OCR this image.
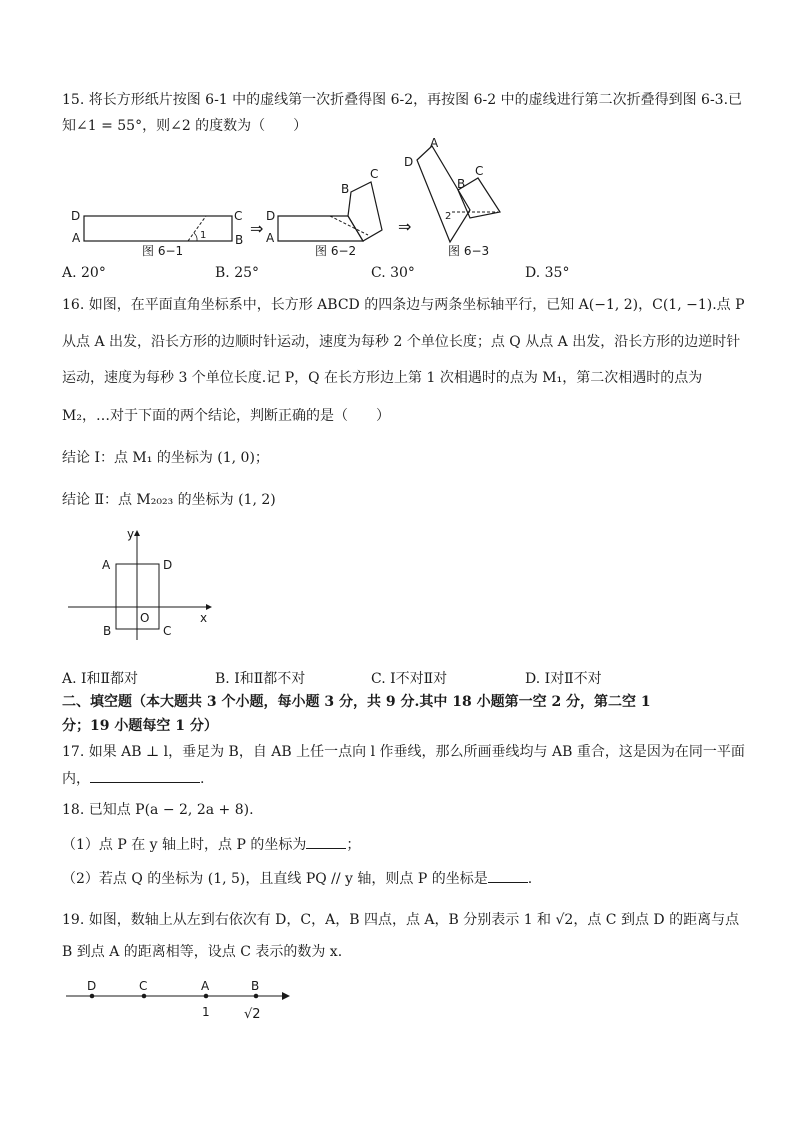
15. 将长方形纸片按图 6-1 中的虚线第一次折叠得图 6-2，再按图 6-2 中的虚线进行第二次折叠得到图 6-3.已
知∠1 = 55°，则∠2 的度数为（　　）
D
A
C
B
1
图 6−1
⇒
D
A
B
C
图 6−2
⇒
D
A
B
C
2
图 6−3
A. 20°	B. 25°	C. 30°	D. 35°
16. 如图，在平面直角坐标系中，长方形 ABCD 的四条边与两条坐标轴平行，已知 A(−1, 2)，C(1, −1).点 P
从点 A 出发，沿长方形的边顺时针运动，速度为每秒 2 个单位长度；点 Q 从点 A 出发，沿长方形的边逆时针
运动，速度为每秒 3 个单位长度.记 P，Q 在长方形边上第 1 次相遇时的点为 M₁，第二次相遇时的点为
M₂，…对于下面的两个结论，判断正确的是（　　）
结论 Ⅰ：点 M₁ 的坐标为 (1, 0)；
结论 Ⅱ：点 M₂₀₂₃ 的坐标为 (1, 2)
y
x
O
A	D
B	C
A. Ⅰ和Ⅱ都对	B. Ⅰ和Ⅱ都不对	C. Ⅰ不对Ⅱ对	D. Ⅰ对Ⅱ不对
二、填空题（本大题共 3 个小题，每小题 3 分，共 9 分.其中 18 小题第一空 2 分，第二空 1
分；19 小题每空 1 分）
17. 如果 AB ⊥ l，垂足为 B，自 AB 上任一点向 l 作垂线，那么所画垂线均与 AB 重合，这是因为在同一平面
内，	.
18. 已知点 P(a − 2, 2a + 8).
（1）点 P 在 y 轴上时，点 P 的坐标为	；
（2）若点 Q 的坐标为 (1, 5)，且直线 PQ // y 轴，则点 P 的坐标是	.
19. 如图，数轴上从左到右依次有 D，C，A，B 四点，点 A，B 分别表示 1 和 √2，点 C 到点 D 的距离与点
B 到点 A 的距离相等，设点 C 表示的数为 x.
D	C	A	B
1	√2
